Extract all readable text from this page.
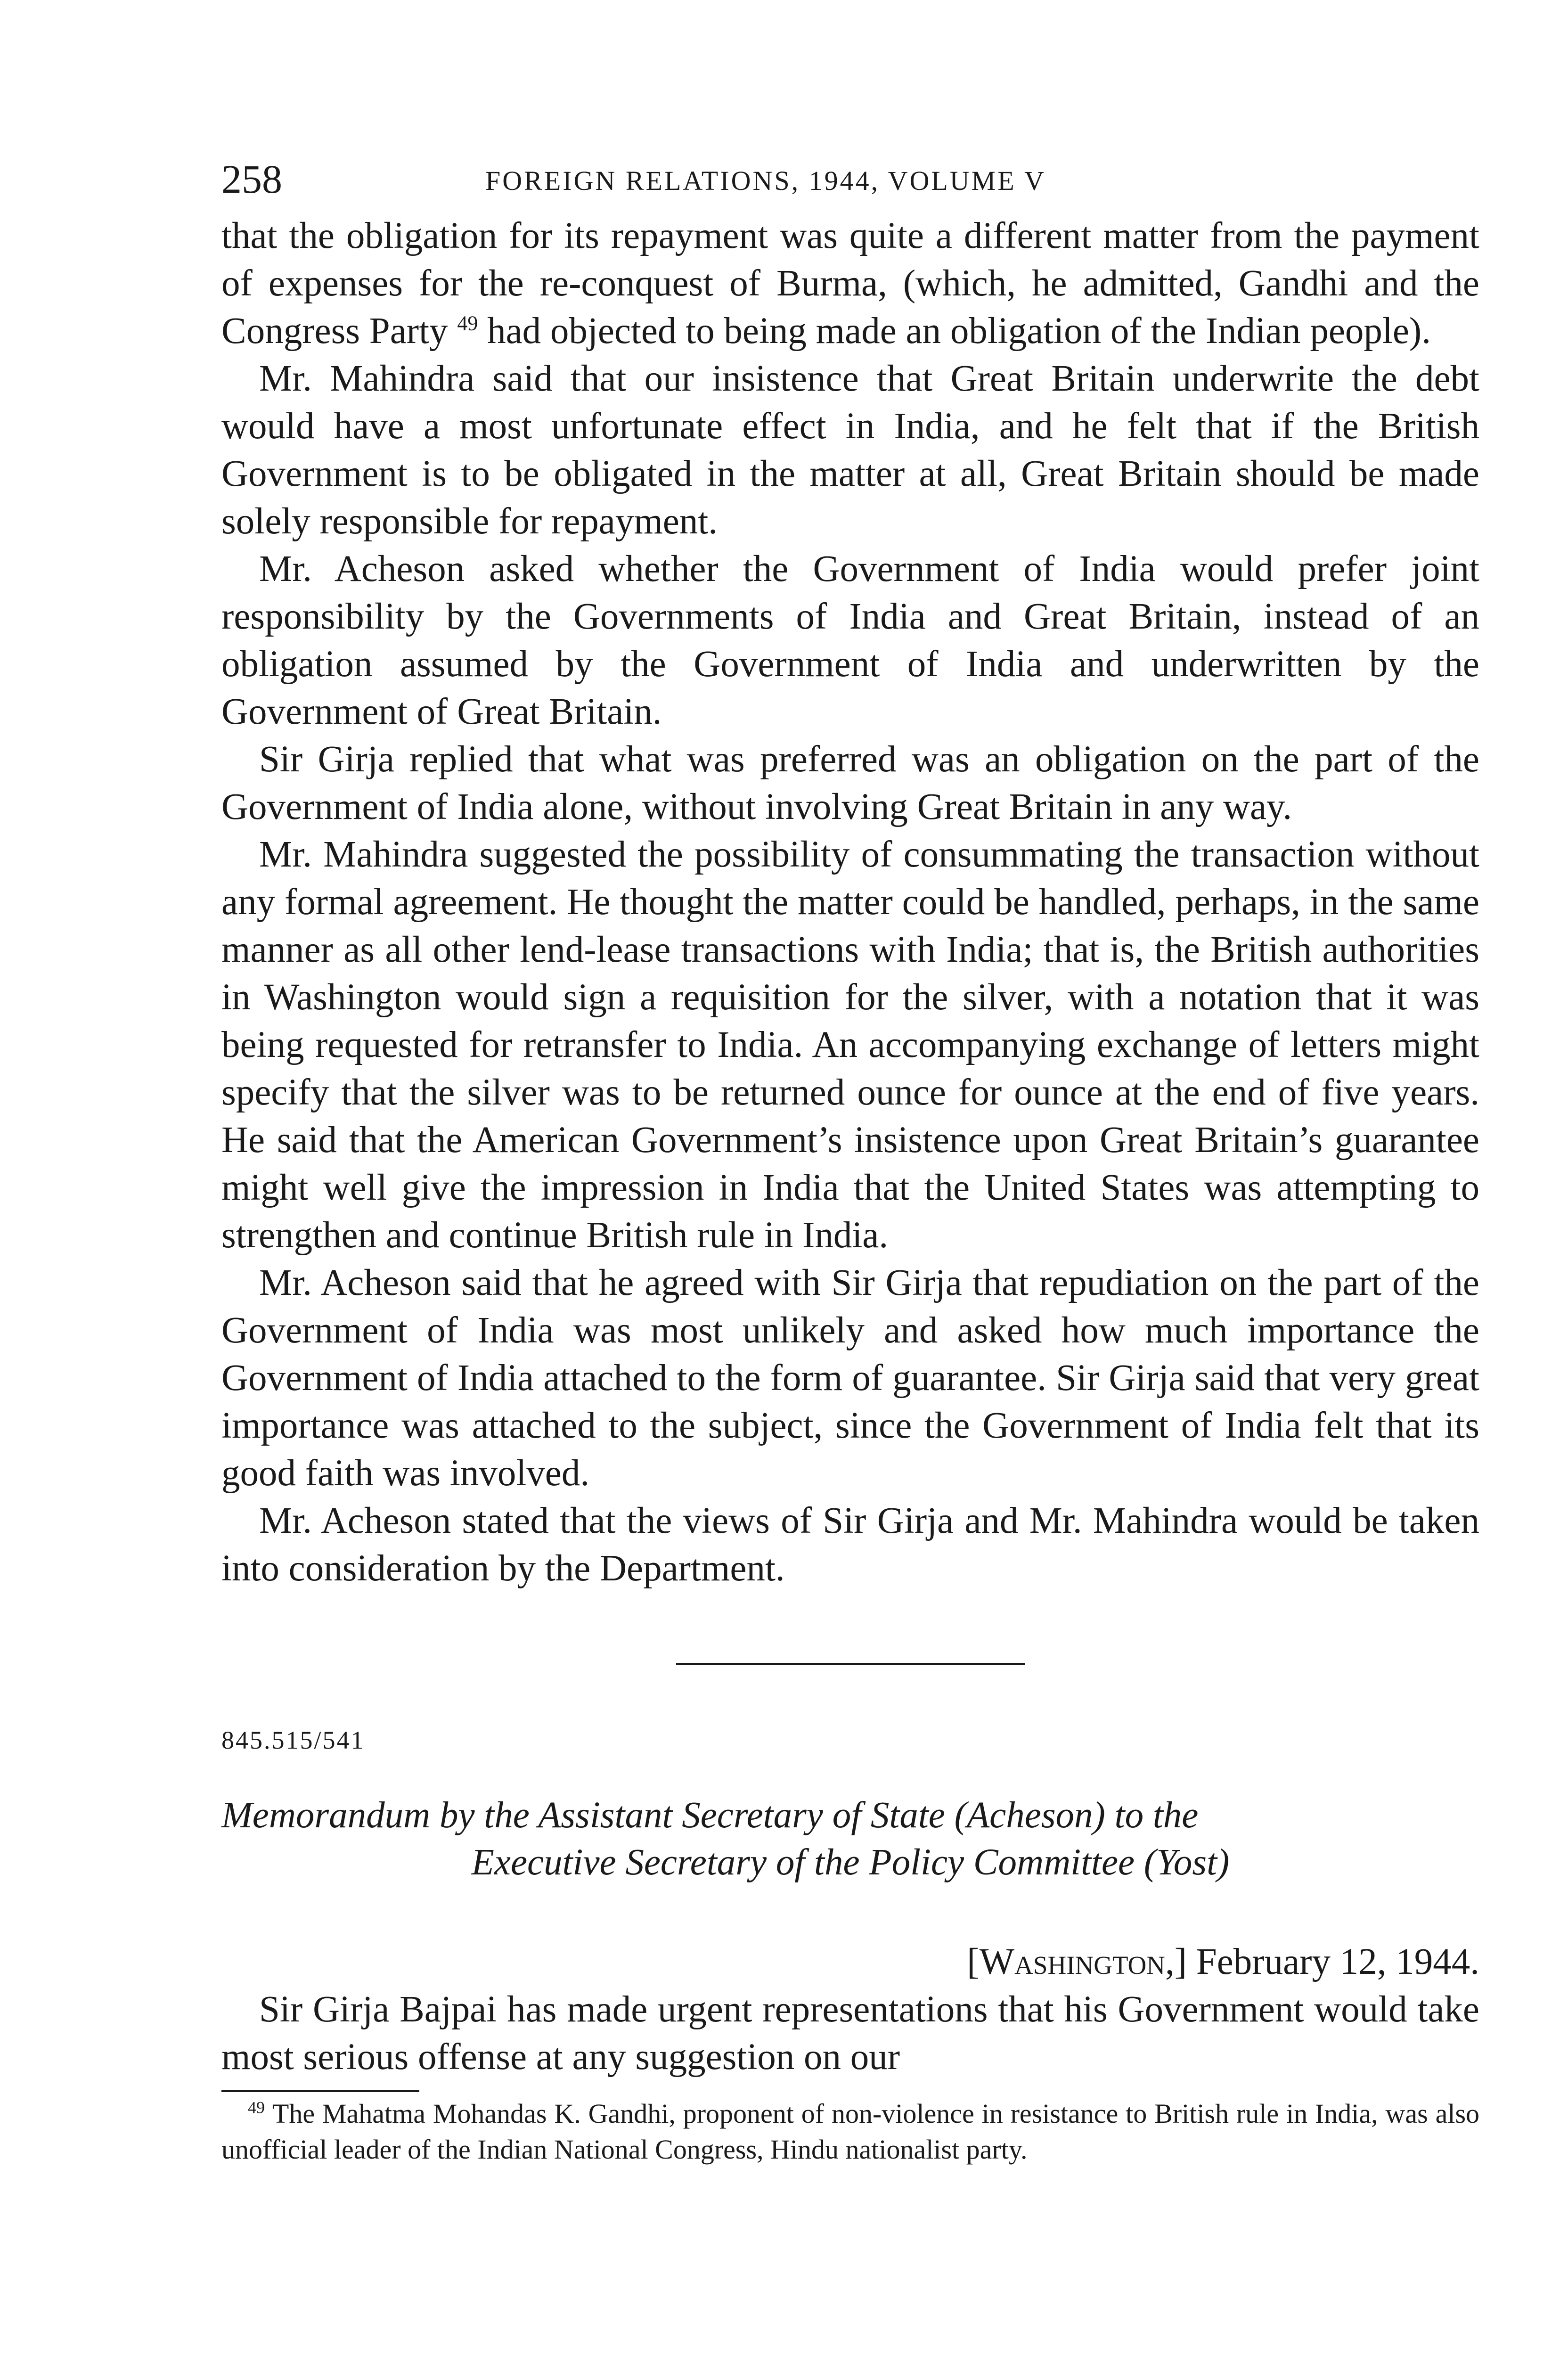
258	FOREIGN RELATIONS, 1944, VOLUME V

that the obligation for its repayment was quite a different matter from the payment of expenses for the re-conquest of Burma, (which, he admitted, Gandhi and the Congress Party $^{49}$ had objected to being made an obligation of the Indian people).

Mr. Mahindra said that our insistence that Great Britain underwrite the debt would have a most unfortunate effect in India, and he felt that if the British Government is to be obligated in the matter at all, Great Britain should be made solely responsible for repayment.

Mr. Acheson asked whether the Government of India would prefer joint responsibility by the Governments of India and Great Britain, instead of an obligation assumed by the Government of India and underwritten by the Government of Great Britain.

Sir Girja replied that what was preferred was an obligation on the part of the Government of India alone, without involving Great Britain in any way.

Mr. Mahindra suggested the possibility of consummating the transaction without any formal agreement. He thought the matter could be handled, perhaps, in the same manner as all other lend-lease transactions with India; that is, the British authorities in Washington would sign a requisition for the silver, with a notation that it was being requested for retransfer to India. An accompanying exchange of letters might specify that the silver was to be returned ounce for ounce at the end of five years. He said that the American Government’s insistence upon Great Britain’s guarantee might well give the impression in India that the United States was attempting to strengthen and continue British rule in India.

Mr. Acheson said that he agreed with Sir Girja that repudiation on the part of the Government of India was most unlikely and asked how much importance the Government of India attached to the form of guarantee. Sir Girja said that very great importance was attached to the subject, since the Government of India felt that its good faith was involved.

Mr. Acheson stated that the views of Sir Girja and Mr. Mahindra would be taken into consideration by the Department.

845.515/541
Memorandum by the Assistant Secretary of State (Acheson) to the
Executive Secretary of the Policy Committee (Yost)
[Washington,] February 12, 1944.

Sir Girja Bajpai has made urgent representations that his Government would take most serious offense at any suggestion on our

$^{49}$ The Mahatma Mohandas K. Gandhi, proponent of non-violence in resistance to British rule in India, was also unofficial leader of the Indian National Congress, Hindu nationalist party.
